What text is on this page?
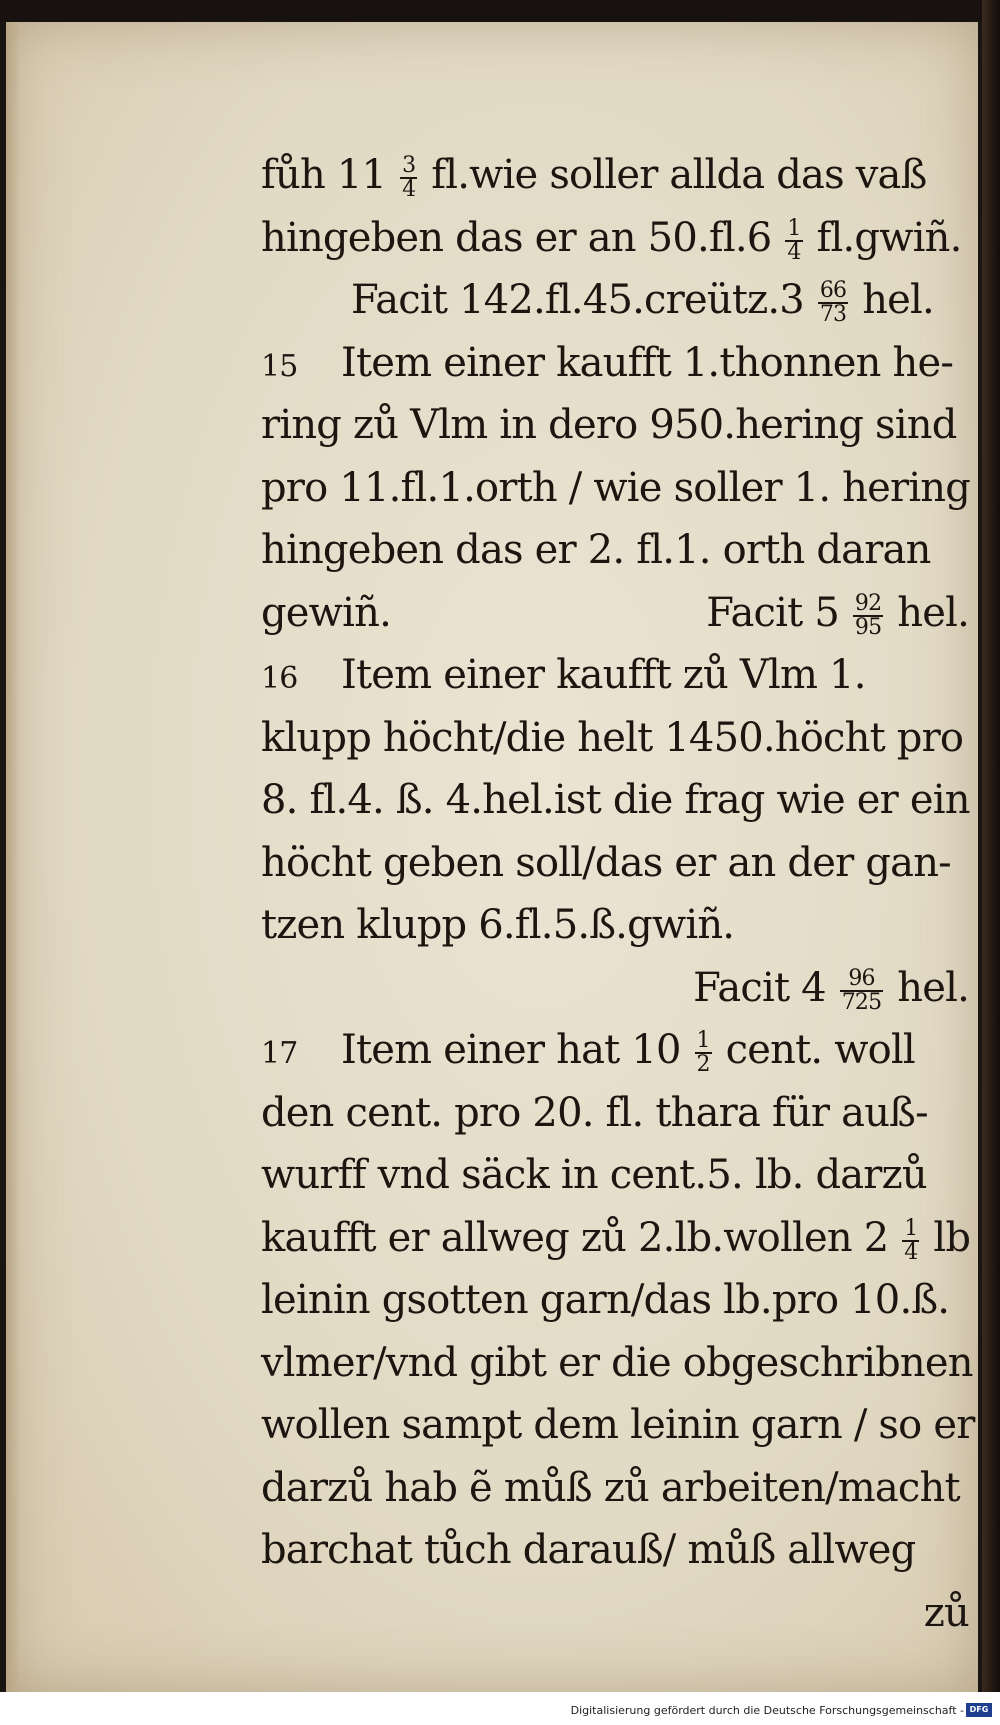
fůh $11 \frac{3}{4} fl.wie$ soller allda das vaß
hingeben das er an $50.fl.6 \frac{1}{4}$ fl.gwiñ.
Facit 142.fl.45.creütz.3 $\frac{66}{73}$ hel.
15 Item einer kaufft 1.thonnen he-
ring zů Vlm in dero 950.hering sind
pro 11.fl.1.orth / wie soller 1. hering
hingeben das er 2. fl.1. orth daran
gewiñ.	Facit $5 \frac{92}{95}$ hel.
16 Item einer kaufft zů Vlm 1.
klupp höcht/die helt 1450.höcht pro
8. fl.4. ß. 4.hel.ist die frag wie er ein
höcht geben soll/das er an der gan-
tzen klupp 6.fl.5.ß.gwiñ.
Facit $4 \frac{96}{725}$ hel.
17 Item einer hat $10 \frac{1}{2}$ cent. woll
den cent. pro 20. fl. thara für auß-
wurff vnd säck in cent.5. lb. darzů
kaufft er allweg zů 2.lb.wollen $2 \frac{1}{4}$ lb
leinin gsotten garn/das lb.pro 10.ß.
vlmer/vnd gibt er die obgeschribnen
wollen sampt dem leinin garn / so er
darzů hab ẽ můß zů arbeiten/macht
barchat tůch darauß/ můß allweg
zů
Digitalisierung gefördert durch die Deutsche Forschungsgemeinschaft - DFG
